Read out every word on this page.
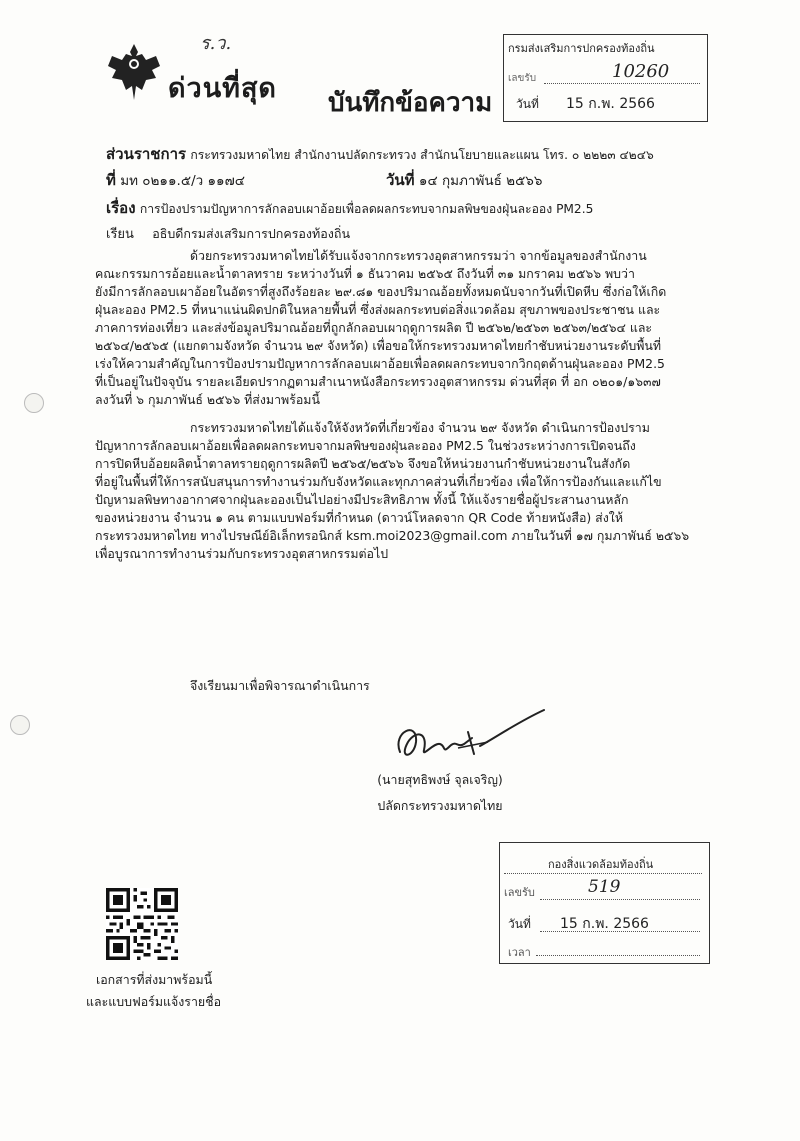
ร.ว.
ด่วนที่สุด บันทึกข้อความ
กรมส่งเสริมการปกครองท้องถิ่น
เลขรับ	10260
วันที่ 15 ก.พ. 2566
ส่วนราชการ กระทรวงมหาดไทย สำนักงานปลัดกระทรวง สำนักนโยบายและแผน โทร. ๐ ๒๒๒๓ ๔๒๔๖
ที่ มท ๐๒๑๑.๕/ว ๑๑๗๔	วันที่ ๑๔ กุมภาพันธ์ ๒๕๖๖
เรื่อง การป้องปรามปัญหาการลักลอบเผาอ้อยเพื่อลดผลกระทบจากมลพิษของฝุ่นละออง PM2.5
เรียน อธิบดีกรมส่งเสริมการปกครองท้องถิ่น
ด้วยกระทรวงมหาดไทยได้รับแจ้งจากกระทรวงอุตสาหกรรมว่า จากข้อมูลของสำนักงาน
คณะกรรมการอ้อยและน้ำตาลทราย ระหว่างวันที่ ๑ ธันวาคม ๒๕๖๕ ถึงวันที่ ๓๑ มกราคม ๒๕๖๖ พบว่า
ยังมีการลักลอบเผาอ้อยในอัตราที่สูงถึงร้อยละ ๒๙.๘๑ ของปริมาณอ้อยทั้งหมดนับจากวันที่เปิดหีบ ซึ่งก่อให้เกิด
ฝุ่นละออง PM2.5 ที่หนาแน่นผิดปกติในหลายพื้นที่ ซึ่งส่งผลกระทบต่อสิ่งแวดล้อม สุขภาพของประชาชน และ
ภาคการท่องเที่ยว และส่งข้อมูลปริมาณอ้อยที่ถูกลักลอบเผาฤดูการผลิต ปี ๒๕๖๒/๒๕๖๓ ๒๕๖๓/๒๕๖๔ และ
๒๕๖๔/๒๕๖๕ (แยกตามจังหวัด จำนวน ๒๙ จังหวัด) เพื่อขอให้กระทรวงมหาดไทยกำชับหน่วยงานระดับพื้นที่
เร่งให้ความสำคัญในการป้องปรามปัญหาการลักลอบเผาอ้อยเพื่อลดผลกระทบจากวิกฤตด้านฝุ่นละออง PM2.5
ที่เป็นอยู่ในปัจจุบัน รายละเอียดปรากฏตามสำเนาหนังสือกระทรวงอุตสาหกรรม ด่วนที่สุด ที่ อก ๐๒๐๑/๑๖๓๗
ลงวันที่ ๖ กุมภาพันธ์ ๒๕๖๖ ที่ส่งมาพร้อมนี้
กระทรวงมหาดไทยได้แจ้งให้จังหวัดที่เกี่ยวข้อง จำนวน ๒๙ จังหวัด ดำเนินการป้องปราม
ปัญหาการลักลอบเผาอ้อยเพื่อลดผลกระทบจากมลพิษของฝุ่นละออง PM2.5 ในช่วงระหว่างการเปิดจนถึง
การปิดหีบอ้อยผลิตน้ำตาลทรายฤดูการผลิตปี ๒๕๖๕/๒๕๖๖ จึงขอให้หน่วยงานกำชับหน่วยงานในสังกัด
ที่อยู่ในพื้นที่ให้การสนับสนุนการทำงานร่วมกับจังหวัดและทุกภาคส่วนที่เกี่ยวข้อง เพื่อให้การป้องกันและแก้ไข
ปัญหามลพิษทางอากาศจากฝุ่นละอองเป็นไปอย่างมีประสิทธิภาพ ทั้งนี้ ให้แจ้งรายชื่อผู้ประสานงานหลัก
ของหน่วยงาน จำนวน ๑ คน ตามแบบฟอร์มที่กำหนด (ดาวน์โหลดจาก QR Code ท้ายหนังสือ) ส่งให้
กระทรวงมหาดไทย ทางไปรษณีย์อิเล็กทรอนิกส์ ksm.moi2023@gmail.com ภายในวันที่ ๑๗ กุมภาพันธ์ ๒๕๖๖
เพื่อบูรณาการทำงานร่วมกับกระทรวงอุตสาหกรรมต่อไป
จึงเรียนมาเพื่อพิจารณาดำเนินการ
(นายสุทธิพงษ์ จุลเจริญ)
ปลัดกระทรวงมหาดไทย
กองสิ่งแวดล้อมท้องถิ่น
เลขรับ	519
วันที่ 15 ก.พ. 2566
เวลา
เอกสารที่ส่งมาพร้อมนี้
และแบบฟอร์มแจ้งรายชื่อ
